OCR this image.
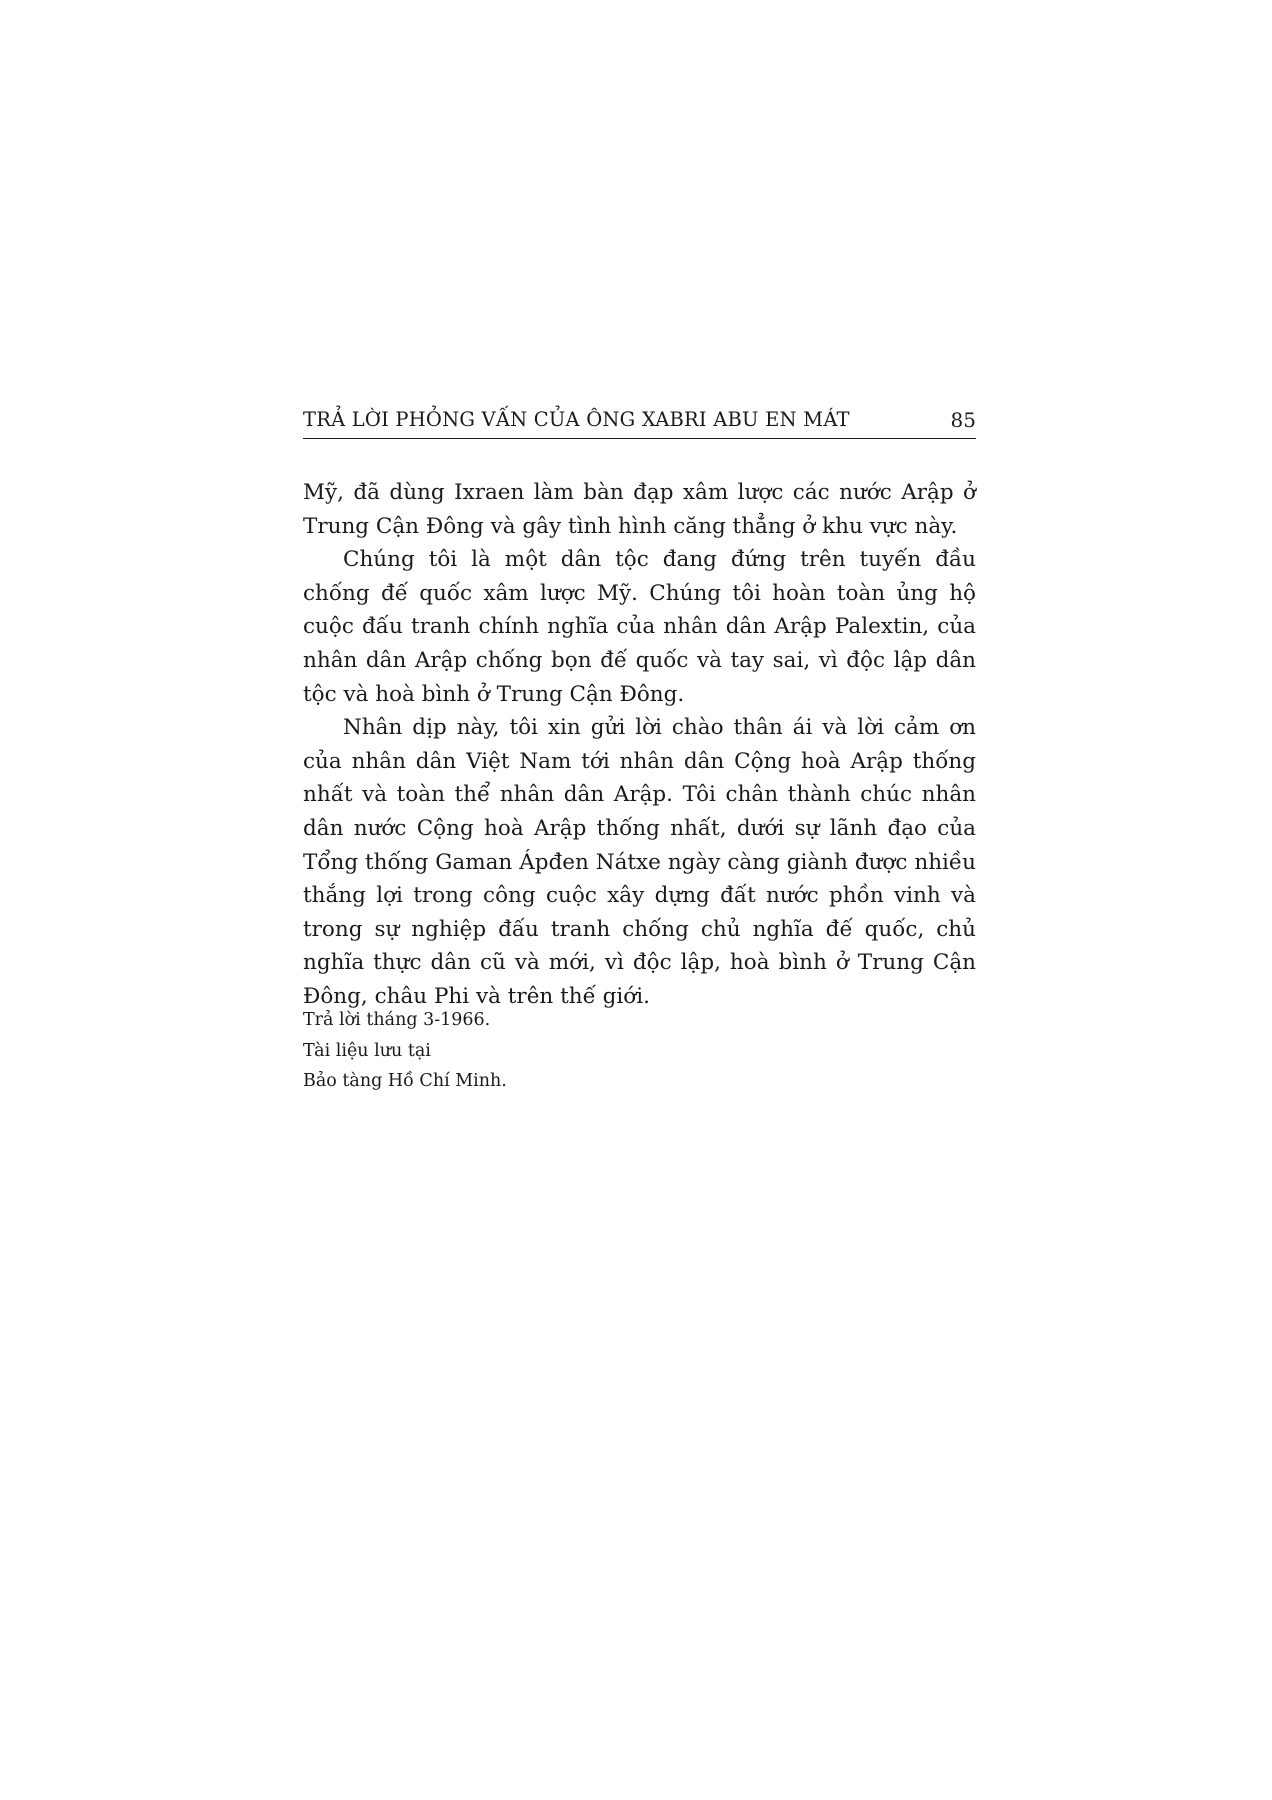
TRẢ LỜI PHỎNG VẤN CỦA ÔNG XABRI ABU EN MÁT	85

Mỹ, đã dùng Ixraen làm bàn đạp xâm lược các nước Arập ở Trung Cận Đông và gây tình hình căng thẳng ở khu vực này.

Chúng tôi là một dân tộc đang đứng trên tuyến đầu chống đế quốc xâm lược Mỹ. Chúng tôi hoàn toàn ủng hộ cuộc đấu tranh chính nghĩa của nhân dân Arập Palextin, của nhân dân Arập chống bọn đế quốc và tay sai, vì độc lập dân tộc và hoà bình ở Trung Cận Đông.

Nhân dịp này, tôi xin gửi lời chào thân ái và lời cảm ơn của nhân dân Việt Nam tới nhân dân Cộng hoà Arập thống nhất và toàn thể nhân dân Arập. Tôi chân thành chúc nhân dân nước Cộng hoà Arập thống nhất, dưới sự lãnh đạo của Tổng thống Gaman Ápđen Nátxe ngày càng giành được nhiều thắng lợi trong công cuộc xây dựng đất nước phồn vinh và trong sự nghiệp đấu tranh chống chủ nghĩa đế quốc, chủ nghĩa thực dân cũ và mới, vì độc lập, hoà bình ở Trung Cận Đông, châu Phi và trên thế giới.

Trả lời tháng 3-1966.
Tài liệu lưu tại
Bảo tàng Hồ Chí Minh.
